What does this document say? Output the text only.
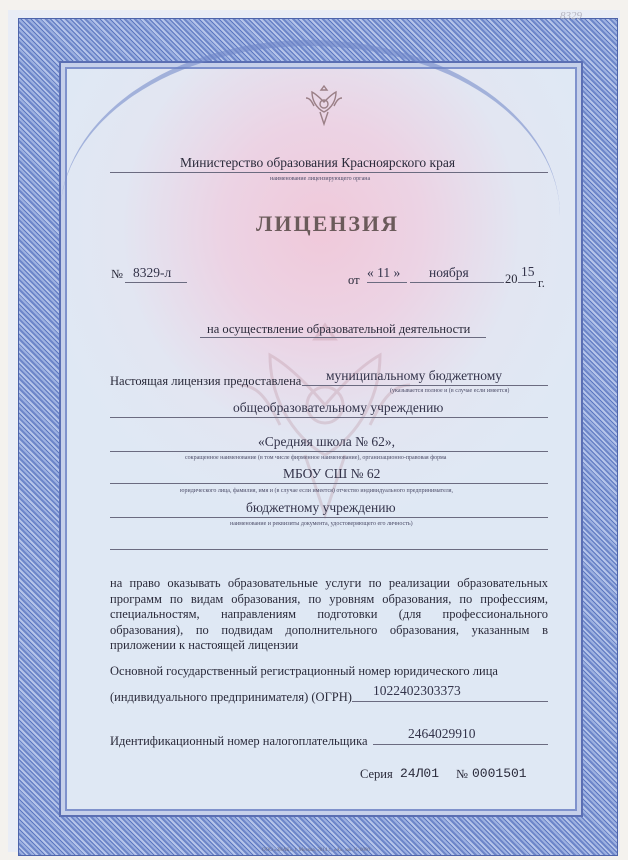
8329
Министерство образования Красноярского края
наименование лицензирующего органа
ЛИЦЕНЗИЯ
№ 8329-л	от « 11 » ноября	20 15
г.
на осуществление образовательной деятельности
Настоящая лицензия предоставлена муниципальному бюджетному
(указывается полное и (в случае если имеется)
общеобразовательному учреждению
«Средняя школа № 62»,
сокращенное наименование (в том числе фирменное наименование), организационно-правовая форма
МБОУ СШ № 62
юридического лица, фамилия, имя и (в случае если имеется) отчество индивидуального предпринимателя,
бюджетному учреждению
наименование и реквизиты документа, удостоверяющего его личность)
на право оказывать образовательные услуги по реализации образовательных программ по видам образования, по уровням образования, по профессиям, специальностям, направлениям подготовки (для профессионального образования), по подвидам дополнительного образования, указанным в приложении к настоящей лицензии
Основной государственный регистрационный номер юридического лица
(индивидуального предпринимателя) (ОГРН) 1022402303373
Идентификационный номер налогоплательщика	2464029910
Серия 24Л01 № 0001501
ООО «ЗНАК», г. Москва, 2014 г., «А», зак. № 0000
